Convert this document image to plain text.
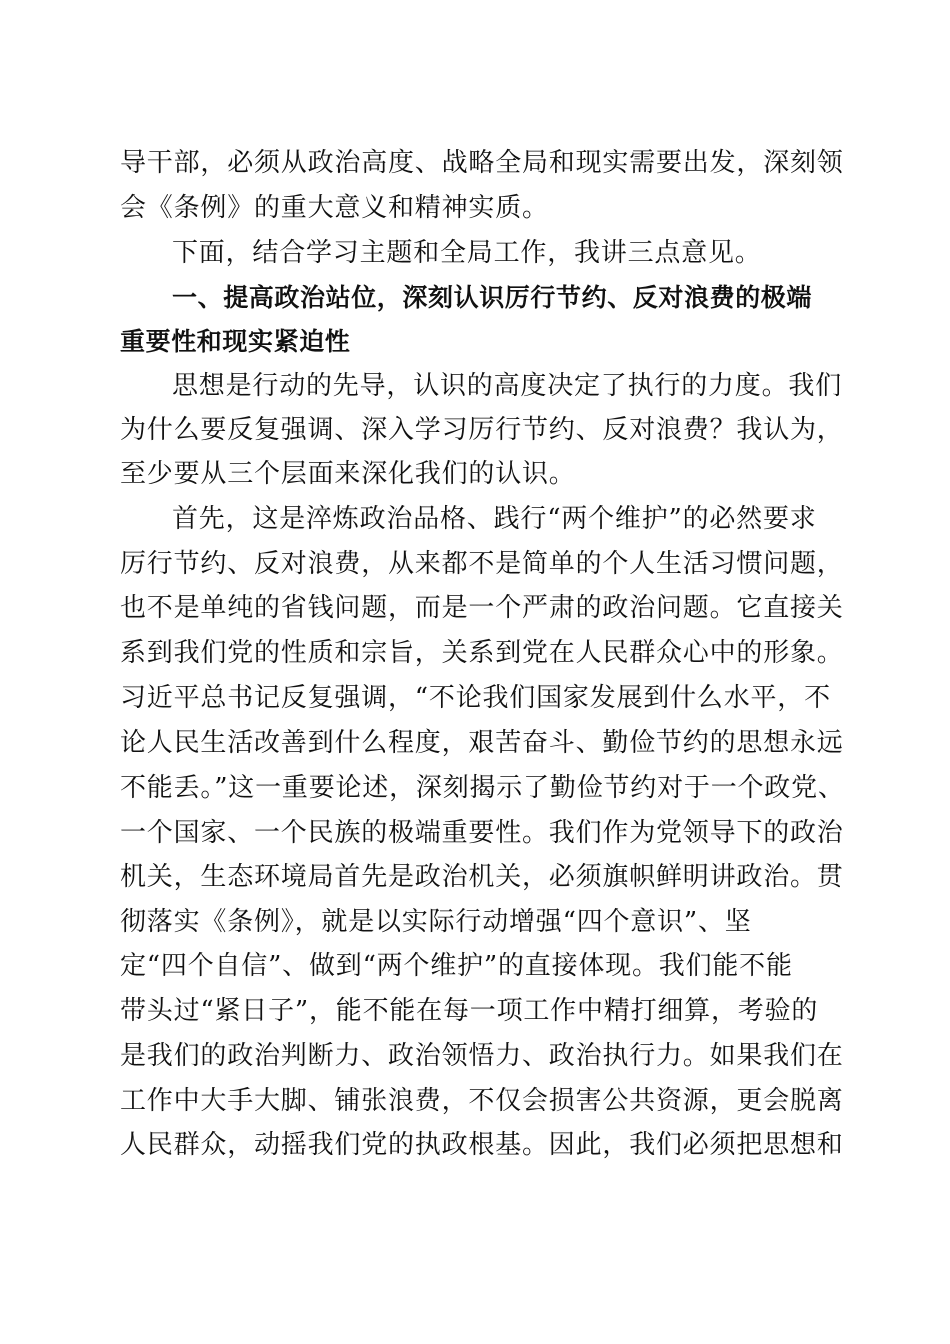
导干部，必须从政治高度、战略全局和现实需要出发，深刻领
会《条例》的重大意义和精神实质。
下面，结合学习主题和全局工作，我讲三点意见。
一、提高政治站位，深刻认识厉行节约、反对浪费的极端
重要性和现实紧迫性
思想是行动的先导，认识的高度决定了执行的力度。我们
为什么要反复强调、深入学习厉行节约、反对浪费？我认为，
至少要从三个层面来深化我们的认识。
首先，这是淬炼政治品格、践行“两个维护”的必然要求
厉行节约、反对浪费，从来都不是简单的个人生活习惯问题，
也不是单纯的省钱问题，而是一个严肃的政治问题。它直接关
系到我们党的性质和宗旨，关系到党在人民群众心中的形象。
习近平总书记反复强调，“不论我们国家发展到什么水平，不
论人民生活改善到什么程度，艰苦奋斗、勤俭节约的思想永远
不能丢。”这一重要论述，深刻揭示了勤俭节约对于一个政党、
一个国家、一个民族的极端重要性。我们作为党领导下的政治
机关，生态环境局首先是政治机关，必须旗帜鲜明讲政治。贯
彻落实《条例》，就是以实际行动增强“四个意识”、坚
定“四个自信”、做到“两个维护”的直接体现。我们能不能
带头过“紧日子”，能不能在每一项工作中精打细算，考验的
是我们的政治判断力、政治领悟力、政治执行力。如果我们在
工作中大手大脚、铺张浪费，不仅会损害公共资源，更会脱离
人民群众，动摇我们党的执政根基。因此，我们必须把思想和
